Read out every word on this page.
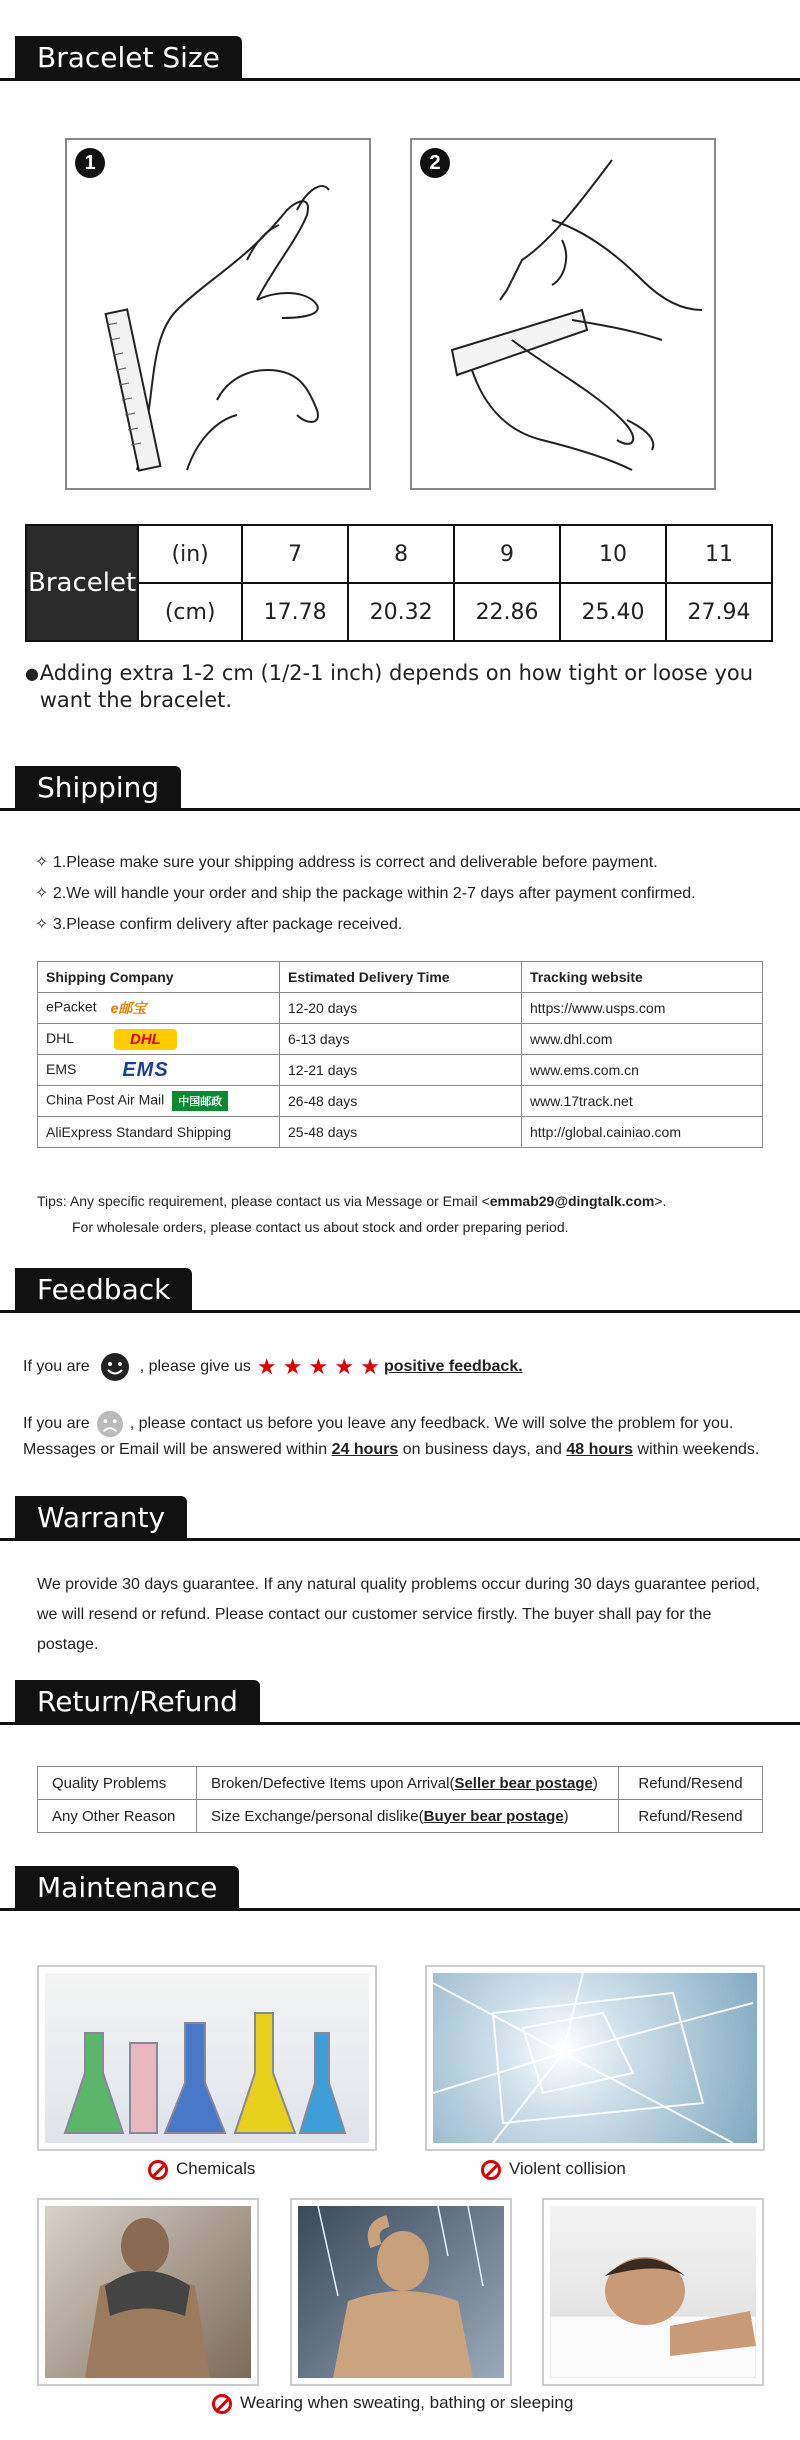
Bracelet Size
1	2
Bracelet	(in)	7	8	9	10	11
	(cm)	17.78	20.32	22.86	25.40	27.94
● Adding extra 1-2 cm (1/2-1 inch) depends on how tight or loose you want the bracelet.
Shipping
✧ 1.Please make sure your shipping address is correct and deliverable before payment.
✧ 2.We will handle your order and ship the package within 2-7 days after payment confirmed.
✧ 3.Please confirm delivery after package received.
Shipping Company	Estimated Delivery Time	Tracking website
ePacket e邮宝	12-20 days	https://www.usps.com
DHL DHL	6-13 days	www.dhl.com
EMS EMS	12-21 days	www.ems.com.cn
China Post Air Mail 中国邮政	26-48 days	www.17track.net
AliExpress Standard Shipping	25-48 days	http://global.cainiao.com
Tips: Any specific requirement, please contact us via Message or Email <emmab29@dingtalk.com>.
For wholesale orders, please contact us about stock and order preparing period.
Feedback
If you are	, please give us ★ ★ ★ ★ ★ positive feedback.
If you are	, please contact us before you leave any feedback. We will solve the problem for you.
Messages or Email will be answered within 24 hours on business days, and 48 hours within weekends.
Warranty
We provide 30 days guarantee. If any natural quality problems occur during 30 days guarantee period, we will resend or refund. Please contact our customer service firstly. The buyer shall pay for the postage.
Return/Refund
Quality Problems	Broken/Defective Items upon Arrival(Seller bear postage)	Refund/Resend
Any Other Reason	Size Exchange/personal dislike(Buyer bear postage)	Refund/Resend
Maintenance
Chemicals	Violent collision
Wearing when sweating, bathing or sleeping
